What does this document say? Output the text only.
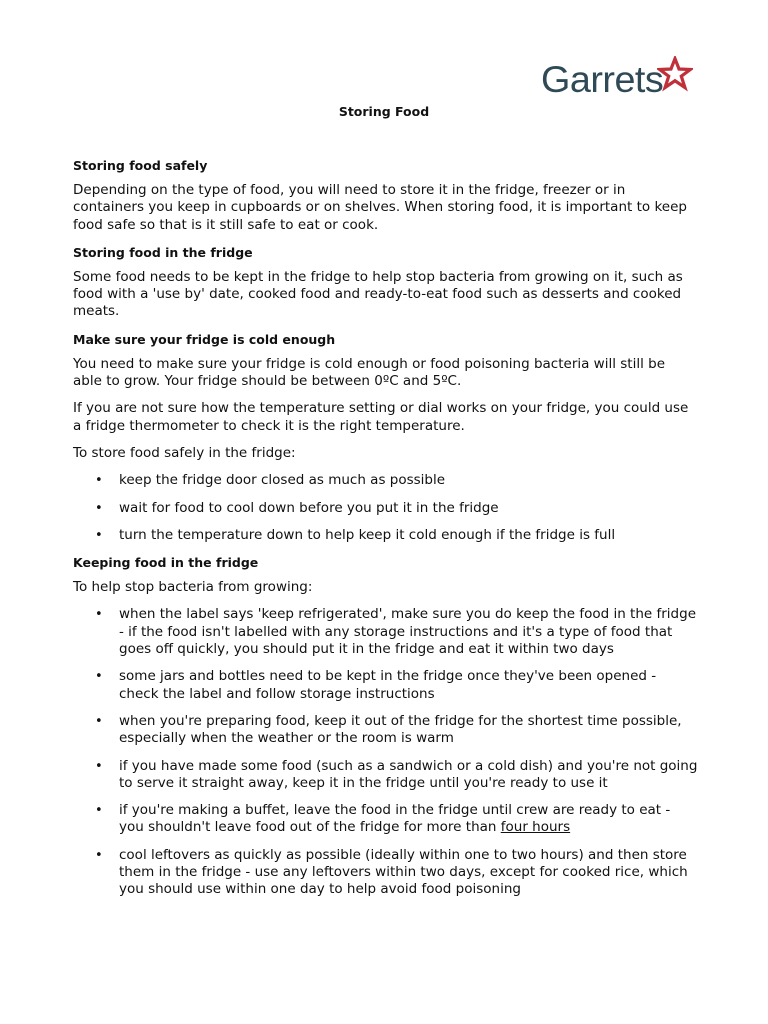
Garrets
Storing Food

Storing food safely

Depending on the type of food, you will need to store it in the fridge, freezer or in containers you keep in cupboards or on shelves. When storing food, it is important to keep food safe so that is it still safe to eat or cook.

Storing food in the fridge

Some food needs to be kept in the fridge to help stop bacteria from growing on it, such as food with a 'use by' date, cooked food and ready-to-eat food such as desserts and cooked meats.

Make sure your fridge is cold enough

You need to make sure your fridge is cold enough or food poisoning bacteria will still be able to grow. Your fridge should be between 0ºC and 5ºC.

If you are not sure how the temperature setting or dial works on your fridge, you could use a fridge thermometer to check it is the right temperature.

To store food safely in the fridge:

• keep the fridge door closed as much as possible
• wait for food to cool down before you put it in the fridge
• turn the temperature down to help keep it cold enough if the fridge is full

Keeping food in the fridge

To help stop bacteria from growing:

• when the label says 'keep refrigerated', make sure you do keep the food in the fridge - if the food isn't labelled with any storage instructions and it's a type of food that goes off quickly, you should put it in the fridge and eat it within two days
• some jars and bottles need to be kept in the fridge once they've been opened - check the label and follow storage instructions
• when you're preparing food, keep it out of the fridge for the shortest time possible, especially when the weather or the room is warm
• if you have made some food (such as a sandwich or a cold dish) and you're not going to serve it straight away, keep it in the fridge until you're ready to use it
• if you're making a buffet, leave the food in the fridge until crew are ready to eat - you shouldn't leave food out of the fridge for more than four hours
• cool leftovers as quickly as possible (ideally within one to two hours) and then store them in the fridge - use any leftovers within two days, except for cooked rice, which you should use within one day to help avoid food poisoning
